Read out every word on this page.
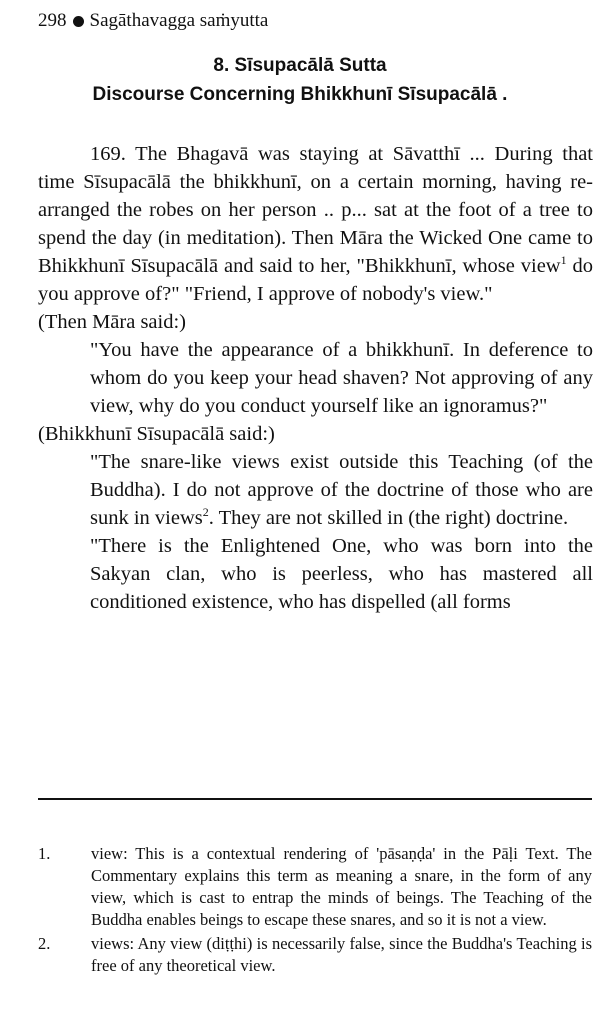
298 Sagāthavagga saṁyutta
8. Sīsupacālā Sutta
Discourse Concerning Bhikkhunī Sīsupacālā .

169. The Bhagavā was staying at Sāvatthī ... During that time Sīsupacālā the bhikkhunī, on a certain morning, having re-arranged the robes on her person .. p... sat at the foot of a tree to spend the day (in meditation). Then Māra the Wicked One came to Bhikkhunī Sīsupacālā and said to her, "Bhikkhunī, whose view$^1$ do you approve of?" "Friend, I approve of nobody's view."

(Then Māra said:)

"You have the appearance of a bhikkhunī. In deference to whom do you keep your head shaven? Not approving of any view, why do you conduct yourself like an ignoramus?"

(Bhikkhunī Sīsupacālā said:)

"The snare-like views exist outside this Teaching (of the Buddha). I do not approve of the doctrine of those who are sunk in views$^2$. They are not skilled in (the right) doctrine.

"There is the Enlightened One, who was born into the Sakyan clan, who is peerless, who has mastered all conditioned existence, who has dispelled (all forms

1.	view: This is a contextual rendering of 'pāsaṇḍa' in the Pāḷi Text. The Commentary explains this term as meaning a snare, in the form of any view, which is cast to entrap the minds of beings. The Teaching of the Buddha enables beings to escape these snares, and so it is not a view.
2.	views: Any view (diṭṭhi) is necessarily false, since the Buddha's Teaching is free of any theoretical view.
